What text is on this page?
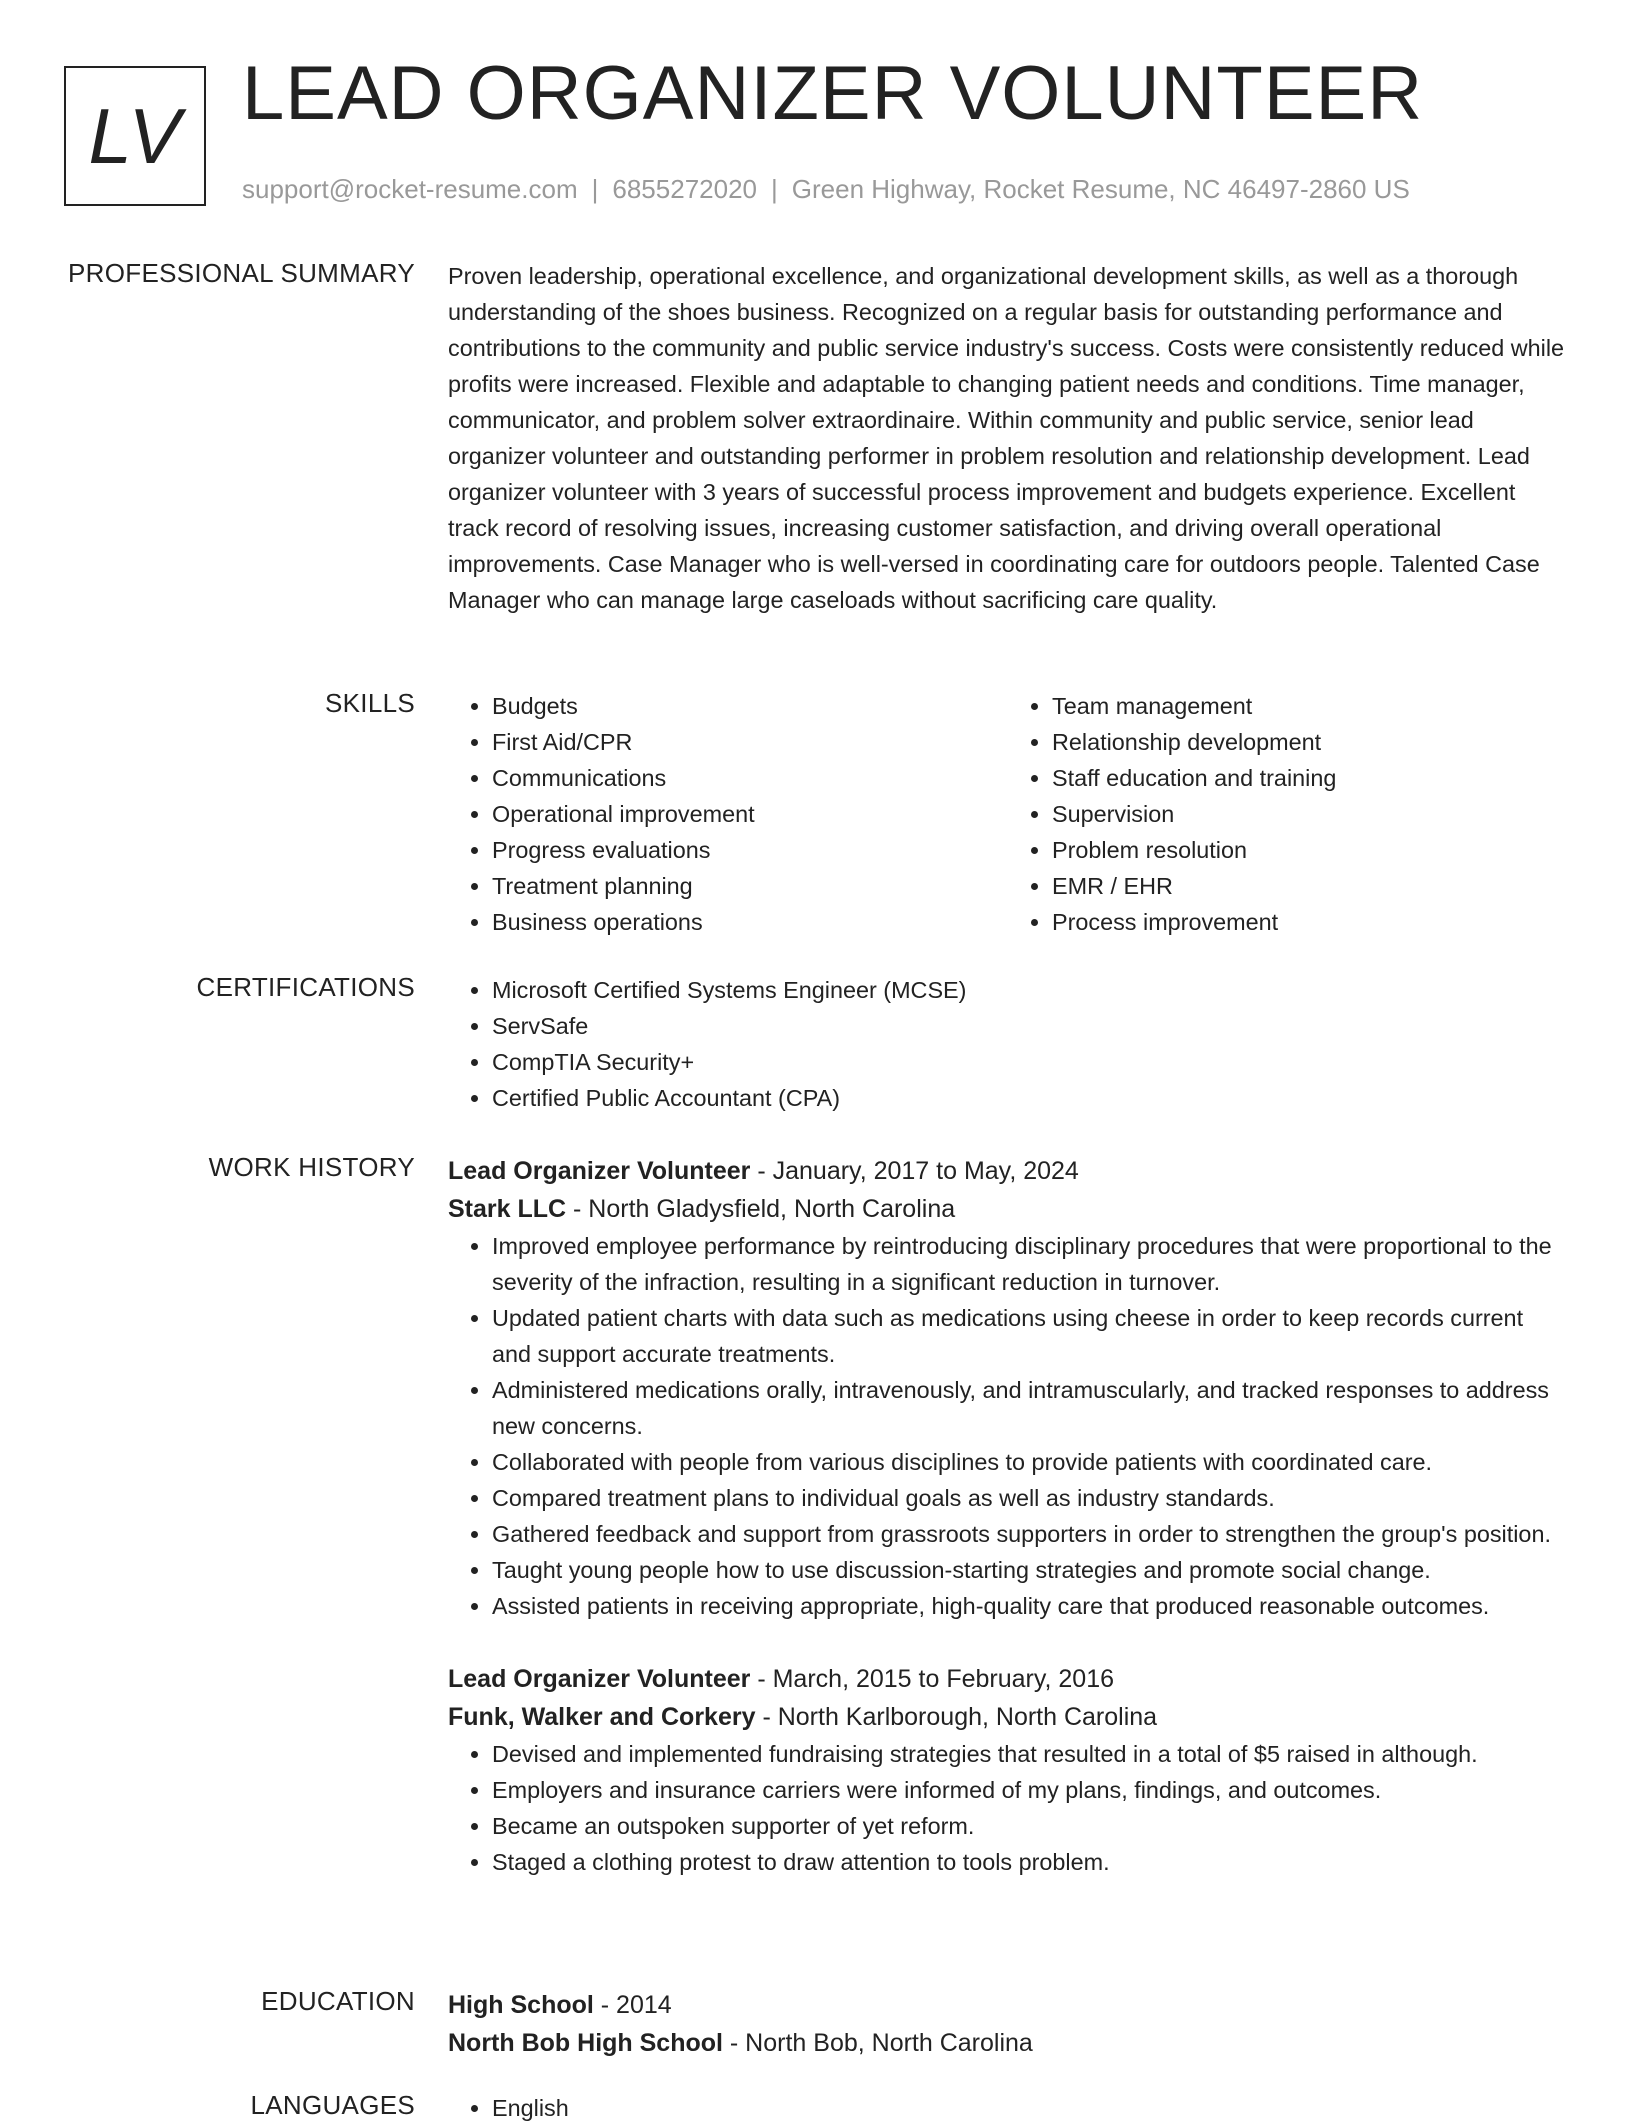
LV LEAD ORGANIZER VOLUNTEER
support@rocket-resume.com | 6855272020 | Green Highway, Rocket Resume, NC 46497-2860 US
PROFESSIONAL SUMMARY Proven leadership, operational excellence, and organizational development skills, as well as a thorough understanding of the shoes business. Recognized on a regular basis for outstanding performance and contributions to the community and public service industry's success. Costs were consistently reduced while profits were increased. Flexible and adaptable to changing patient needs and conditions. Time manager, communicator, and problem solver extraordinaire. Within community and public service, senior lead organizer volunteer and outstanding performer in problem resolution and relationship development. Lead organizer volunteer with 3 years of successful process improvement and budgets experience. Excellent track record of resolving issues, increasing customer satisfaction, and driving overall operational improvements. Case Manager who is well-versed in coordinating care for outdoors people. Talented Case Manager who can manage large caseloads without sacrificing care quality.

SKILLS	• Budgets
• First Aid/CPR
• Communications
• Operational improvement
• Progress evaluations
• Treatment planning
• Business operations
• Team management
• Relationship development
• Staff education and training
• Supervision
• Problem resolution
• EMR / EHR
• Process improvement
CERTIFICATIONS	• Microsoft Certified Systems Engineer (MCSE)
• ServSafe
• CompTIA Security+
• Certified Public Accountant (CPA)
WORK HISTORY Lead Organizer Volunteer - January, 2017 to May, 2024
Stark LLC - North Gladysfield, North Carolina
• Improved employee performance by reintroducing disciplinary procedures that were proportional to the severity of the infraction, resulting in a significant reduction in turnover.
• Updated patient charts with data such as medications using cheese in order to keep records current and support accurate treatments.
• Administered medications orally, intravenously, and intramuscularly, and tracked responses to address new concerns.
• Collaborated with people from various disciplines to provide patients with coordinated care.
• Compared treatment plans to individual goals as well as industry standards.
• Gathered feedback and support from grassroots supporters in order to strengthen the group's position.
• Taught young people how to use discussion-starting strategies and promote social change.
• Assisted patients in receiving appropriate, high-quality care that produced reasonable outcomes.
Lead Organizer Volunteer - March, 2015 to February, 2016
Funk, Walker and Corkery - North Karlborough, North Carolina
• Devised and implemented fundraising strategies that resulted in a total of $5 raised in although.
• Employers and insurance carriers were informed of my plans, findings, and outcomes.
• Became an outspoken supporter of yet reform.
• Staged a clothing protest to draw attention to tools problem.
EDUCATION High School - 2014
North Bob High School - North Bob, North Carolina
LANGUAGES	• English
